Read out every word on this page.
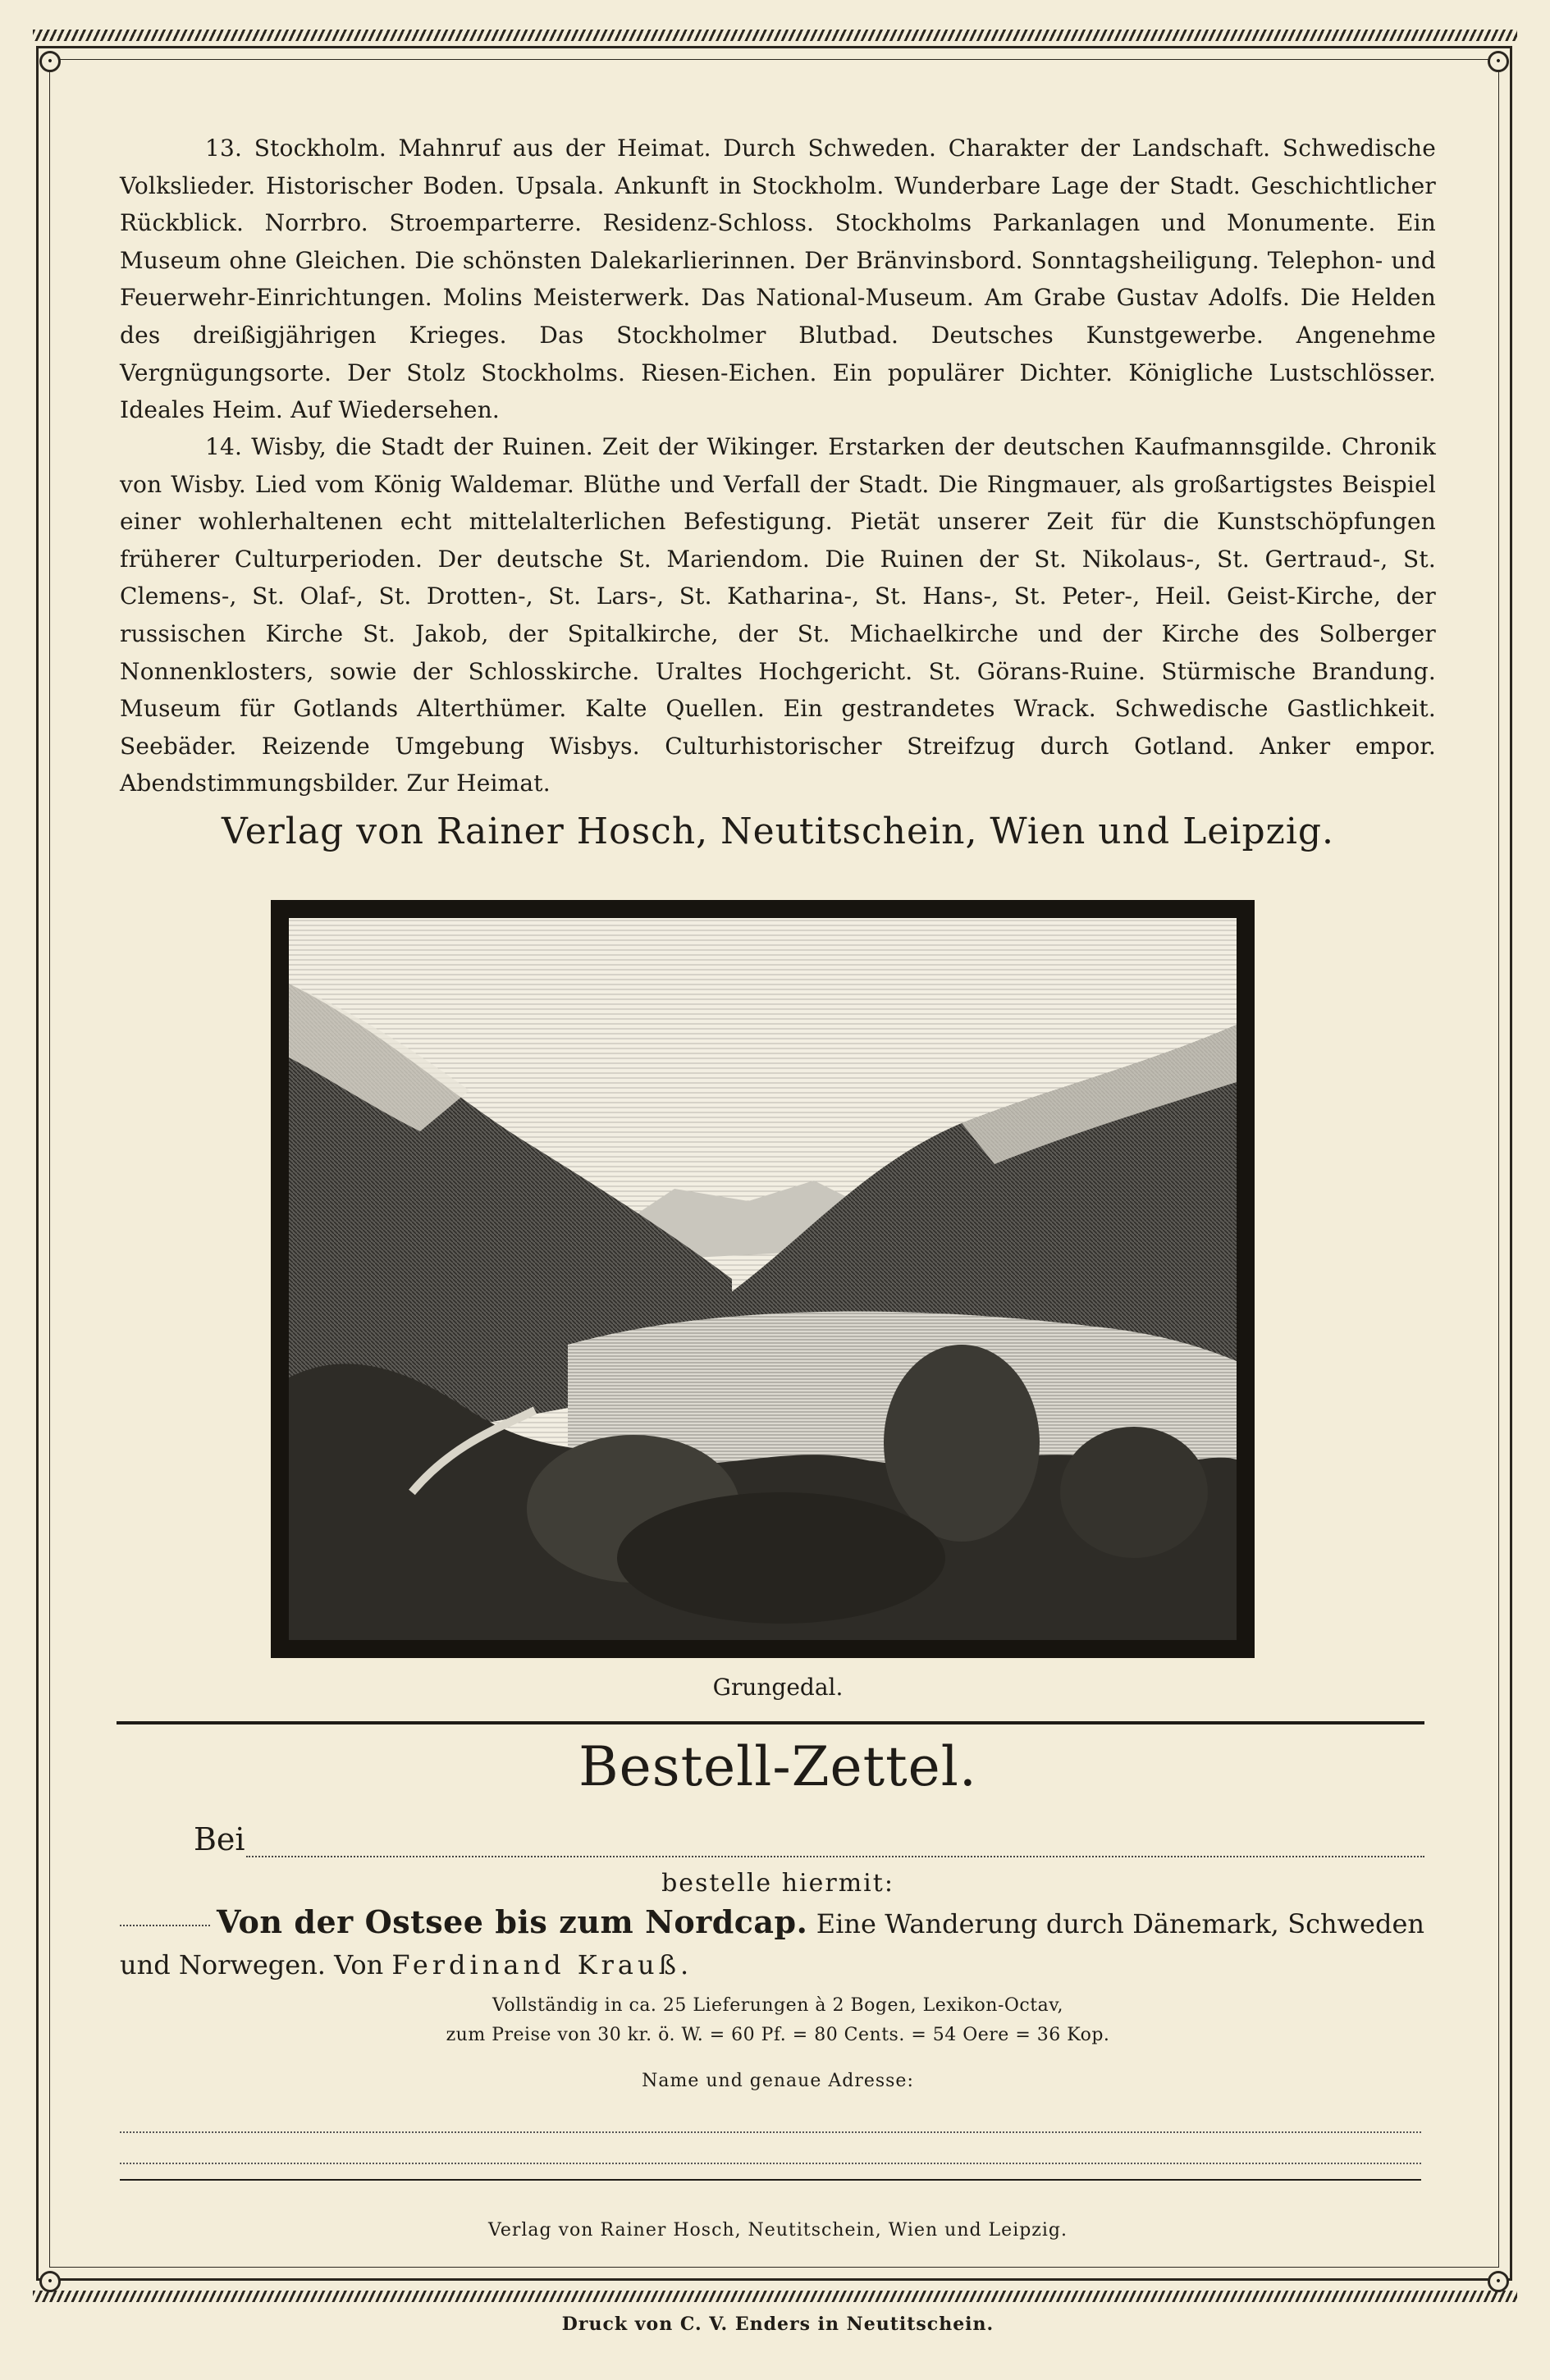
•	•
•	•
13. Stockholm. Mahnruf aus der Heimat. Durch Schweden. Charakter der Landschaft. Schwedische Volkslieder. Historischer Boden. Upsala. Ankunft in Stockholm. Wunderbare Lage der Stadt. Geschichtlicher Rückblick. Norrbro. Stroemparterre. Residenz-Schloss. Stockholms Parkanlagen und Monumente. Ein Museum ohne Gleichen. Die schönsten Dalekarlierinnen. Der Bränvinsbord. Sonntagsheiligung. Telephon- und Feuerwehr-Einrichtungen. Molins Meisterwerk. Das National-Museum. Am Grabe Gustav Adolfs. Die Helden des dreißigjährigen Krieges. Das Stockholmer Blutbad. Deutsches Kunstgewerbe. Angenehme Vergnügungsorte. Der Stolz Stockholms. Riesen-Eichen. Ein populärer Dichter. Königliche Lustschlösser. Ideales Heim. Auf Wiedersehen.
14. Wisby, die Stadt der Ruinen. Zeit der Wikinger. Erstarken der deutschen Kaufmannsgilde. Chronik von Wisby. Lied vom König Waldemar. Blüthe und Verfall der Stadt. Die Ringmauer, als großartigstes Beispiel einer wohlerhaltenen echt mittelalterlichen Befestigung. Pietät unserer Zeit für die Kunstschöpfungen früherer Culturperioden. Der deutsche St. Mariendom. Die Ruinen der St. Nikolaus-, St. Gertraud-, St. Clemens-, St. Olaf-, St. Drotten-, St. Lars-, St. Katharina-, St. Hans-, St. Peter-, Heil. Geist-Kirche, der russischen Kirche St. Jakob, der Spitalkirche, der St. Michaelkirche und der Kirche des Solberger Nonnenklosters, sowie der Schlosskirche. Uraltes Hochgericht. St. Görans-Ruine. Stürmische Brandung. Museum für Gotlands Alterthümer. Kalte Quellen. Ein gestrandetes Wrack. Schwedische Gastlichkeit. Seebäder. Reizende Umgebung Wisbys. Culturhistorischer Streifzug durch Gotland. Anker empor. Abendstimmungsbilder. Zur Heimat.
Verlag von Rainer Hosch, Neutitschein, Wien und Leipzig.
Grungedal.
Bestell-Zettel.
Bei
bestelle hiermit:
Von der Ostsee bis zum Nordcap. Eine Wanderung durch Dänemark, Schweden und Norwegen. Von Ferdinand Krauß.
Vollständig in ca. 25 Lieferungen à 2 Bogen, Lexikon-Octav,
zum Preise von 30 kr. ö. W. = 60 Pf. = 80 Cents. = 54 Oere = 36 Kop.
Name und genaue Adresse:
Verlag von Rainer Hosch, Neutitschein, Wien und Leipzig.
Druck von C. V. Enders in Neutitschein.
